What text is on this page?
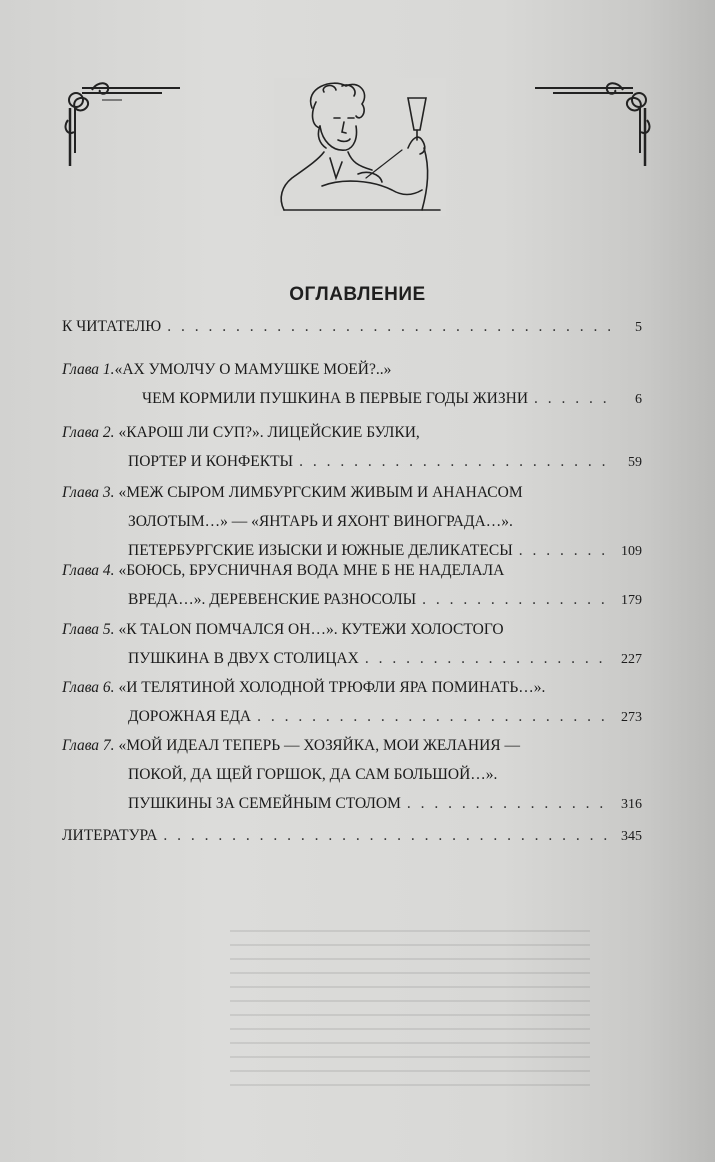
ОГЛАВЛЕНИЕ
К ЧИТАТЕЛЮ . . .	5
Глава 1. «АХ УМОЛЧУ О МАМУШКЕ МОЕЙ?..»
ЧЕМ КОРМИЛИ ПУШКИНА В ПЕРВЫЕ ГОДЫ ЖИЗНИ . . .	6
Глава 2.
«КАРОШ ЛИ СУП?». ЛИЦЕЙСКИЕ БУЛКИ,
ПОРТЕР И КОНФЕКТЫ . . .	59
Глава 3.
«МЕЖ СЫРОМ ЛИМБУРГСКИМ ЖИВЫМ И АНАНАСОМ
ЗОЛОТЫМ…» — «ЯНТАРЬ И ЯХОНТ ВИНОГРАДА…».
ПЕТЕРБУРГСКИЕ ИЗЫСКИ И ЮЖНЫЕ ДЕЛИКАТЕСЫ . . .	109
Глава 4.
«БОЮСЬ, БРУСНИЧНАЯ ВОДА МНЕ Б НЕ НАДЕЛАЛА
ВРЕДА…». ДЕРЕВЕНСКИЕ РАЗНОСОЛЫ . . .	179
Глава 5.
«К TALON ПОМЧАЛСЯ ОН…». КУТЕЖИ ХОЛОСТОГО
ПУШКИНА В ДВУХ СТОЛИЦАХ . . .	227
Глава 6.
«И ТЕЛЯТИНОЙ ХОЛОДНОЙ ТРЮФЛИ ЯРА ПОМИНАТЬ…».
ДОРОЖНАЯ ЕДА . . .	273
Глава 7.
«МОЙ ИДЕАЛ ТЕПЕРЬ — ХОЗЯЙКА, МОИ ЖЕЛАНИЯ —
ПОКОЙ, ДА ЩЕЙ ГОРШОК, ДА САМ БОЛЬШОЙ…».
ПУШКИНЫ ЗА СЕМЕЙНЫМ СТОЛОМ . . .	316
ЛИТЕРАТУРА . . .	345
